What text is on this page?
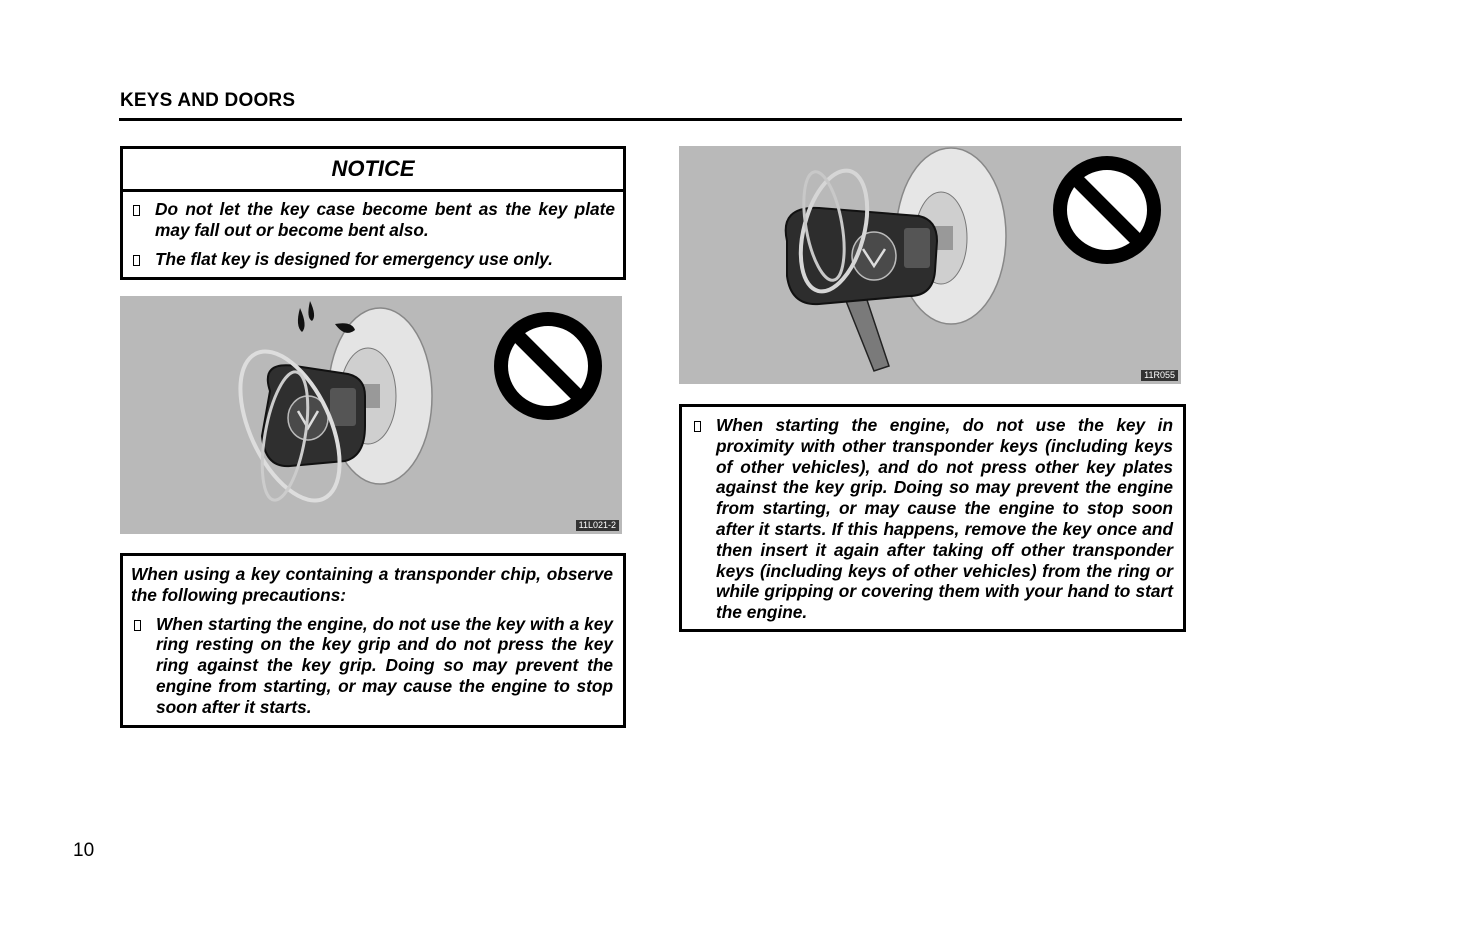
KEYS AND DOORS
NOTICE
Do not let the key case become bent as the key plate may fall out or become bent also.
The flat key is designed for emergency use only.
11L021-2
When using a key containing a transponder chip, observe the following precautions:
When starting the engine, do not use the key with a key ring resting on the key grip and do not press the key ring against the key grip. Doing so may prevent the engine from starting, or may cause the engine to stop soon after it starts.
11R055
When starting the engine, do not use the key in proximity with other transponder keys (including keys of other vehicles), and do not press other key plates against the key grip. Doing so may prevent the engine from starting, or may cause the engine to stop soon after it starts. If this happens, remove the key once and then insert it again after taking off other transponder keys (including keys of other vehicles) from the ring or while gripping or covering them with your hand to start the engine.
10
